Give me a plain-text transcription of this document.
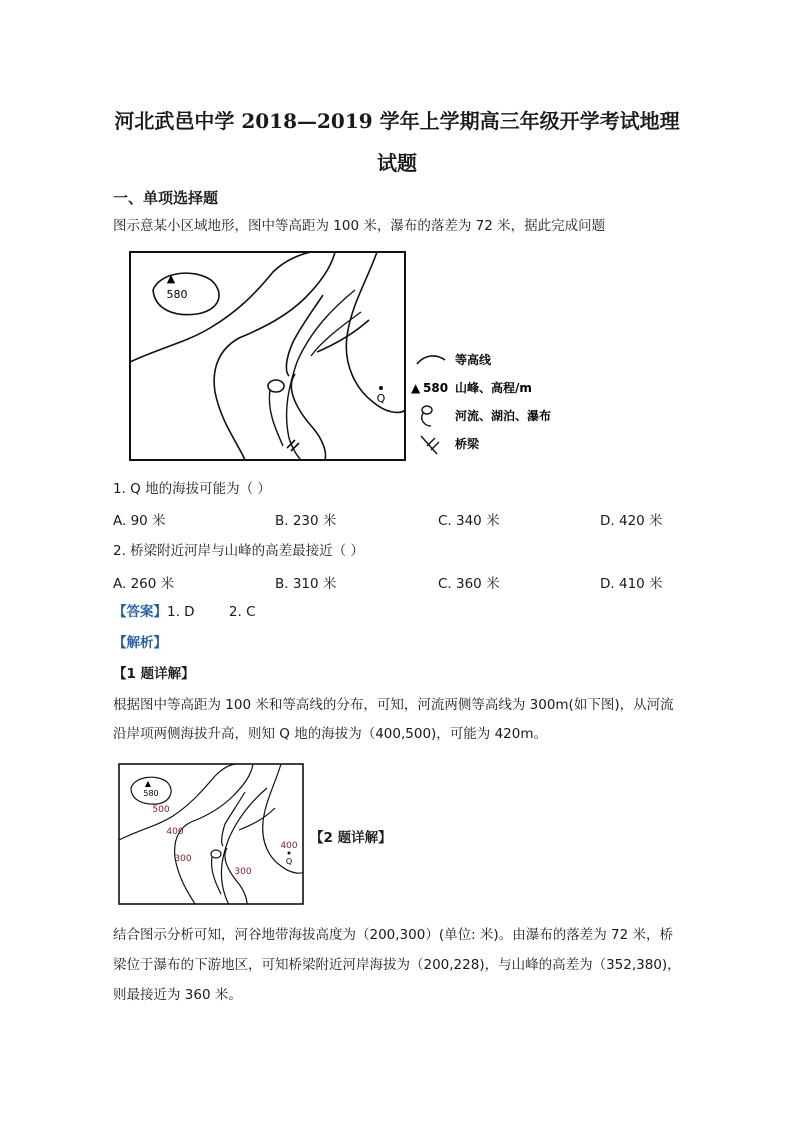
河北武邑中学 2018—2019 学年上学期高三年级开学考试地理
试题
一、单项选择题
图示意某小区域地形，图中等高距为 100 米，瀑布的落差为 72 米，据此完成问题
▲
580
Q
等高线
▲ 580 山峰、高程/m
河流、湖泊、瀑布
桥梁
1. Q 地的海拔可能为（ ）
A. 90 米	B. 230 米	C. 340 米	D. 420 米
2. 桥梁附近河岸与山峰的高差最接近（ ）
A. 260 米	B. 310 米	C. 360 米	D. 410 米
【答案】1. D        2. C
【解析】
【1 题详解】
根据图中等高距为 100 米和等高线的分布，可知，河流两侧等高线为 300m(如下图)，从河流
沿岸项两侧海拔升高，则知 Q 地的海拔为（400,500)，可能为 420m。
▲
580
500
400
300
300
400
Q
【2 题详解】
结合图示分析可知，河谷地带海拔高度为（200,300）(单位: 米)。由瀑布的落差为 72 米，桥
梁位于瀑布的下游地区，可知桥梁附近河岸海拔为（200,228)，与山峰的高差为（352,380)，
则最接近为 360 米。
